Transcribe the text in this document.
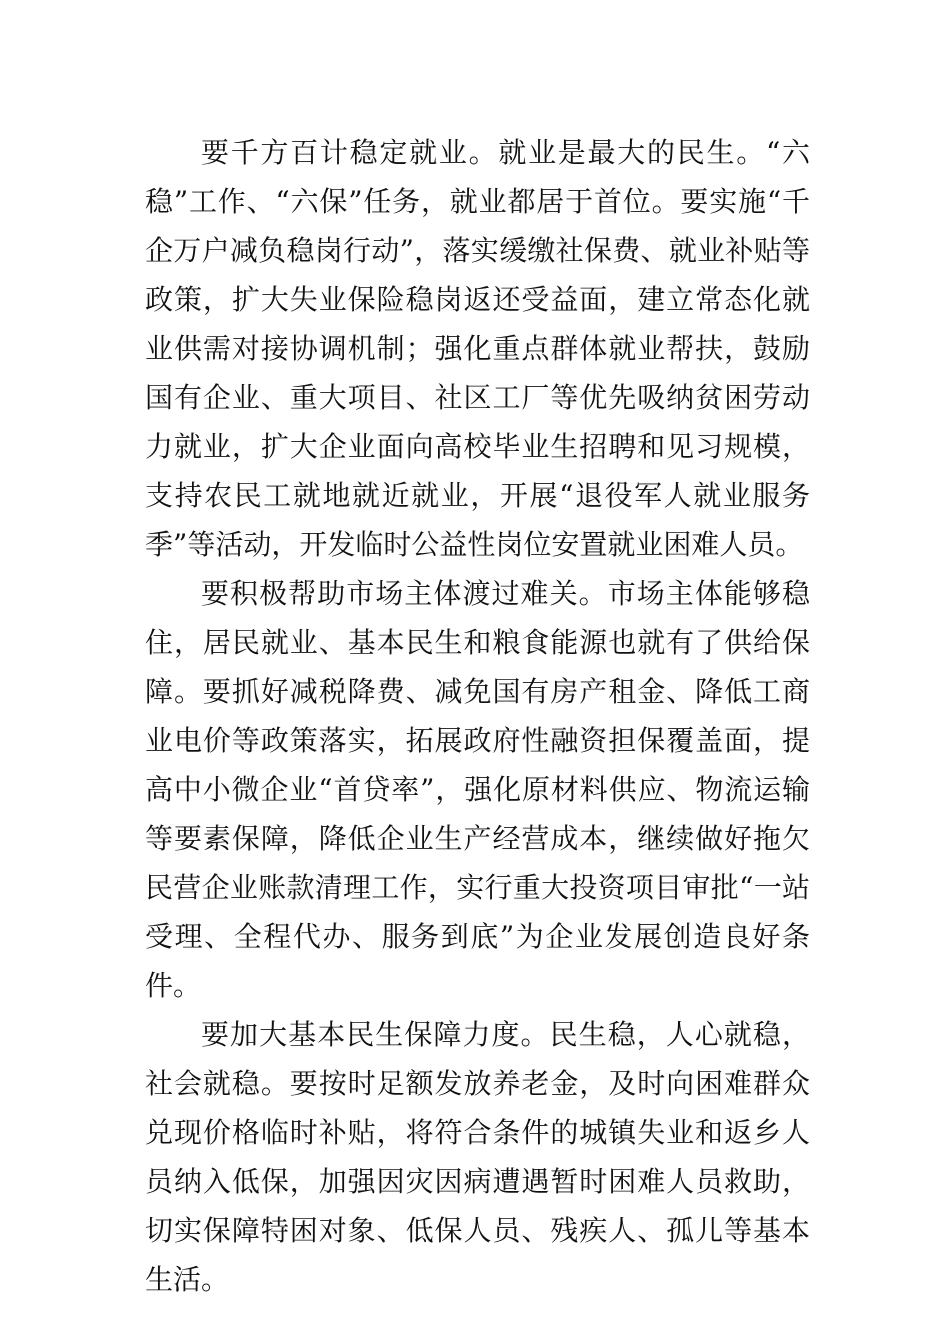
要千方百计稳定就业。就业是最大的民生。“六稳”工作、“六保”任务，就业都居于首位。要实施“千企万户减负稳岗行动”，落实缓缴社保费、就业补贴等政策，扩大失业保险稳岗返还受益面，建立常态化就业供需对接协调机制；强化重点群体就业帮扶，鼓励国有企业、重大项目、社区工厂等优先吸纳贫困劳动力就业，扩大企业面向高校毕业生招聘和见习规模，支持农民工就地就近就业，开展“退役军人就业服务季”等活动，开发临时公益性岗位安置就业困难人员。

要积极帮助市场主体渡过难关。市场主体能够稳住，居民就业、基本民生和粮食能源也就有了供给保障。要抓好减税降费、减免国有房产租金、降低工商业电价等政策落实，拓展政府性融资担保覆盖面，提高中小微企业“首贷率”，强化原材料供应、物流运输等要素保障，降低企业生产经营成本，继续做好拖欠民营企业账款清理工作，实行重大投资项目审批“一站受理、全程代办、服务到底”为企业发展创造良好条件。

要加大基本民生保障力度。民生稳，人心就稳，社会就稳。要按时足额发放养老金，及时向困难群众兑现价格临时补贴，将符合条件的城镇失业和返乡人员纳入低保，加强因灾因病遭遇暂时困难人员救助，切实保障特困对象、低保人员、残疾人、孤儿等基本生活。
